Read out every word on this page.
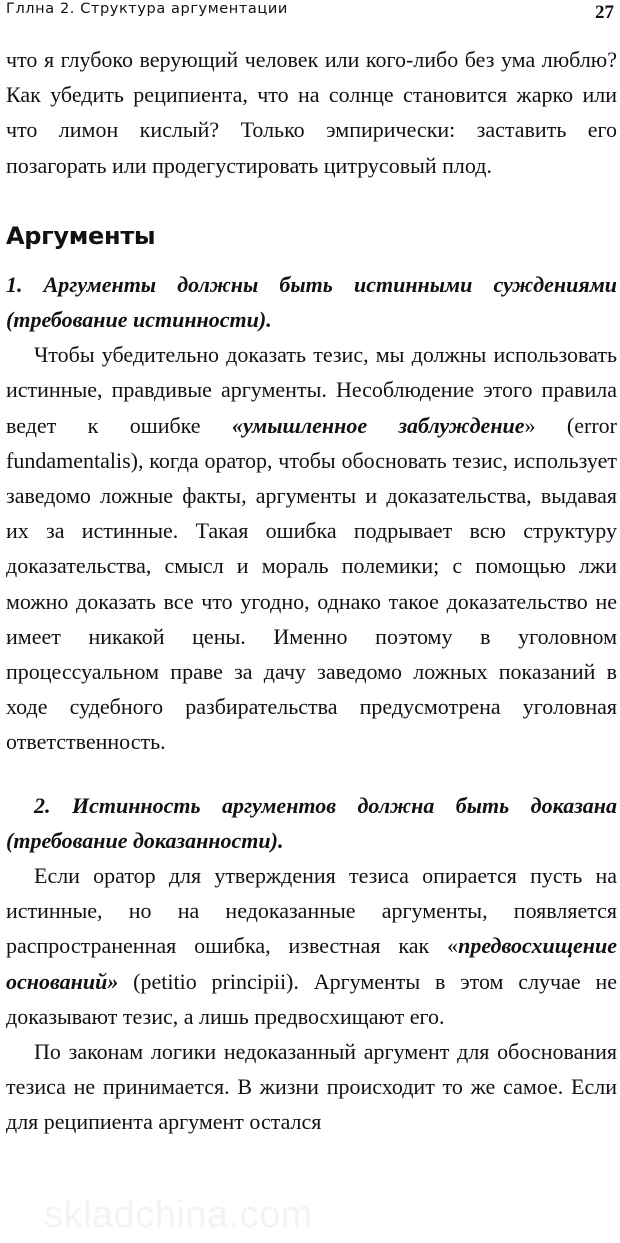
Гллна 2. Структура аргументации	27

что я глубоко верующий человек или кого-либо без ума люблю? Как убедить реципиента, что на солнце становится жарко или что лимон кислый? Только эмпирически: заставить его позагорать или продегустировать цитрусовый плод.

Аргументы

1. Аргументы должны быть истинными суждениями (требование истинности).

Чтобы убедительно доказать тезис, мы должны использовать истинные, правдивые аргументы. Несоблюдение этого правила ведет к ошибке «умышленное заблуждение» (error fundamentalis), когда оратор, чтобы обосновать тезис, использует заведомо ложные факты, аргументы и доказательства, выдавая их за истинные. Такая ошибка подрывает всю структуру доказательства, смысл и мораль полемики; с помощью лжи можно доказать все что угодно, однако такое доказательство не имеет никакой цены. Именно поэтому в уголовном процессуальном праве за дачу заведомо ложных показаний в ходе судебного разбирательства предусмотрена уголовная ответственность.

2. Истинность аргументов должна быть доказана (требование доказанности).

Если оратор для утверждения тезиса опирается пусть на истинные, но на недоказанные аргументы, появляется распространенная ошибка, известная как «предвосхищение оснований» (petitio principii). Аргументы в этом случае не доказывают тезис, а лишь предвосхищают его.

По законам логики недоказанный аргумент для обоснования тезиса не принимается. В жизни происходит то же самое. Если для реципиента аргумент остался

skladchina.com
